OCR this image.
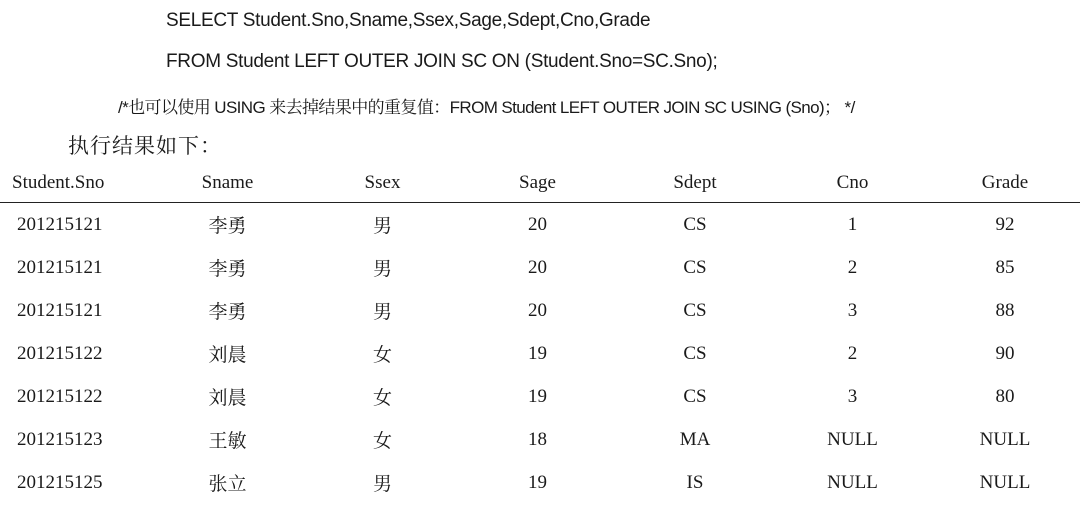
SELECT Student.Sno,Sname,Ssex,Sage,Sdept,Cno,Grade
FROM Student LEFT OUTER JOIN SC ON (Student.Sno=SC.Sno);
/*也可以使用 USING 来去掉结果中的重复值：FROM Student LEFT OUTER JOIN SC USING (Sno)； */
执行结果如下：
Student.Sno	Sname	Ssex	Sage	Sdept	Cno	Grade
201215121	李勇	男	20	CS	1	92
201215121	李勇	男	20	CS	2	85
201215121	李勇	男	20	CS	3	88
201215122	刘晨	女	19	CS	2	90
201215122	刘晨	女	19	CS	3	80
201215123	王敏	女	18	MA	NULL	NULL
201215125	张立	男	19	IS	NULL	NULL
